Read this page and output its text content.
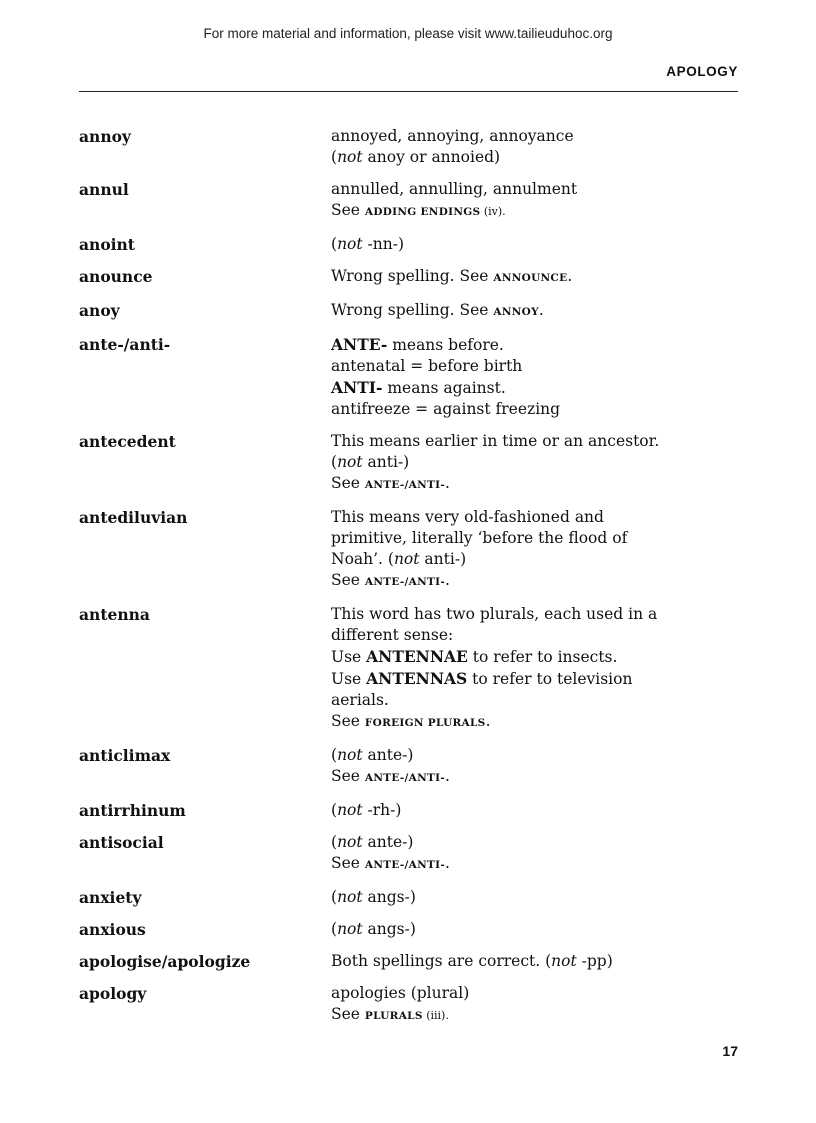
For more material and information, please visit www.tailieuduhoc.org
APOLOGY
annoy	annoyed, annoying, annoyance
(not anoy or annoied)
annul	annulled, annulling, annulment
See ADDING ENDINGS (iv).
anoint	(not -nn-)
anounce	Wrong spelling. See ANNOUNCE.
anoy	Wrong spelling. See ANNOY.
ante-/anti-	ANTE- means before.
antenatal = before birth
ANTI- means against.
antifreeze = against freezing
antecedent	This means earlier in time or an ancestor.
(not anti-)
See ANTE-/ANTI-.
antediluvian	This means very old-fashioned and
primitive, literally ‘before the flood of
Noah’. (not anti-)
See ANTE-/ANTI-.
antenna	This word has two plurals, each used in a
different sense:
Use ANTENNAE to refer to insects.
Use ANTENNAS to refer to television
aerials.
See FOREIGN PLURALS.
anticlimax	(not ante-)
See ANTE-/ANTI-.
antirrhinum	(not -rh-)
antisocial	(not ante-)
See ANTE-/ANTI-.
anxiety	(not angs-)
anxious	(not angs-)
apologise/apologize	Both spellings are correct. (not -pp)
apology	apologies (plural)
See PLURALS (iii).
17
